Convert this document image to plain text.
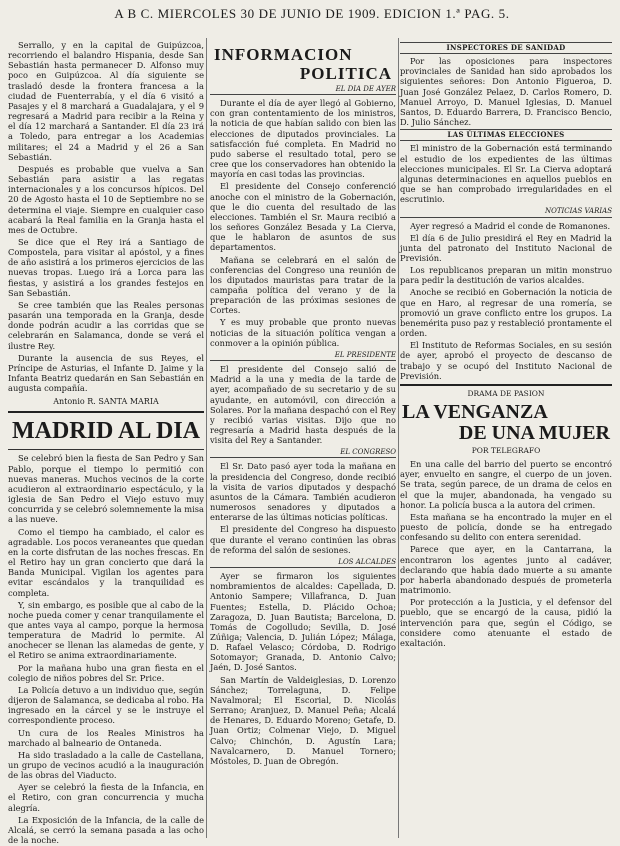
A B C. MIERCOLES 30 DE JUNIO DE 1909. EDICION 1.ª PAG. 5.

Serrallo, y en la capital de Guipúzcoa, recorriendo el balandro Hispania, desde San Sebastián hasta permanecer D. Alfonso muy poco en Guipúzcoa. Al día siguiente se trasladó desde la frontera francesa a la ciudad de Fuenterrabía, y el día 6 visitó a Pasajes y el 8 marchará a Guadalajara, y el 9 regresará a Madrid para recibir a la Reina y el día 12 marchará a Santander. El día 23 irá a Toledo, para entregar a los Academias militares; el 24 a Madrid y el 26 a San Sebastián.

Después es probable que vuelva a San Sebastián para asistir a las regatas internacionales y a los concursos hípicos. Del 20 de Agosto hasta el 10 de Septiembre no se determina el viaje. Siempre en cualquier caso acabará la Real familia en la Granja hasta el mes de Octubre.

Se dice que el Rey irá a Santiago de Compostela, para visitar al apóstol, y a fines de año asistirá a los primeros ejercicios de las nuevas tropas. Luego irá a Lorca para las fiestas, y asistirá a los grandes festejos en San Sebastián.

Se cree también que las Reales personas pasarán una temporada en la Granja, desde donde podrán acudir a las corridas que se celebrarán en Salamanca, donde se verá el ilustre Rey.

Durante la ausencia de sus Reyes, el Príncipe de Asturias, el Infante D. Jaime y la Infanta Beatriz quedarán en San Sebastián en augusta compañía.

Antonio R. SANTA MARIA
MADRID AL DIA

Se celebró bien la fiesta de San Pedro y San Pablo, porque el tiempo lo permitió con nuevas maneras. Muchos vecinos de la corte acudieron al extraordinario espectáculo, y la iglesia de San Pedro el Viejo estuvo muy concurrida y se celebró solemnemente la misa a las nueve.

Como el tiempo ha cambiado, el calor es agradable. Los pocos veraneantes que quedan en la corte disfrutan de las noches frescas. En el Retiro hay un gran concierto que dará la Banda Municipal. Vigilan los agentes para evitar escándalos y la tranquilidad es completa.

Y, sin embargo, es posible que al cabo de la noche pueda comer y cenar tranquilamente el que antes vaya al campo, porque la hermosa temperatura de Madrid lo permite. Al anochecer se llenan las alamedas de gente, y el Retiro se anima extraordinariamente.

Por la mañana hubo una gran fiesta en el colegio de niños pobres del Sr. Price.

La Policía detuvo a un individuo que, según dijeron de Salamanca, se dedicaba al robo. Ha ingresado en la cárcel y se le instruye el correspondiente proceso.

Un cura de los Reales Ministros ha marchado al balneario de Ontaneda.

Ha sido trasladado a la calle de Castellana, un grupo de vecinos acudió a la inauguración de las obras del Viaducto.

Ayer se celebró la fiesta de la Infancia, en el Retiro, con gran concurrencia y mucha alegría.

La Exposición de la Infancia, de la calle de Alcalá, se cerró la semana pasada a las ocho de la noche.

INFORMACION
POLITICA
EL DIA DE AYER

Durante el día de ayer llegó al Gobierno, con gran contentamiento de los ministros, la noticia de que habían salido con bien las elecciones de diputados provinciales. La satisfacción fué completa. En Madrid no pudo saberse el resultado total, pero se cree que los conservadores han obtenido la mayoría en casi todas las provincias.

El presidente del Consejo conferenció anoche con el ministro de la Gobernación, que le dio cuenta del resultado de las elecciones. También el Sr. Maura recibió a los señores González Besada y La Cierva, que le hablaron de asuntos de sus departamentos.

Mañana se celebrará en el salón de conferencias del Congreso una reunión de los diputados mauristas para tratar de la campaña política del verano y de la preparación de las próximas sesiones de Cortes.

Y es muy probable que pronto nuevas noticias de la situación política vengan a conmover a la opinión pública.

EL PRESIDENTE

El presidente del Consejo salió de Madrid a la una y media de la tarde de ayer, acompañado de su secretario y de su ayudante, en automóvil, con dirección a Solares. Por la mañana despachó con el Rey y recibió varias visitas. Dijo que no regresaría a Madrid hasta después de la visita del Rey a Santander.

EL CONGRESO

El Sr. Dato pasó ayer toda la mañana en la presidencia del Congreso, donde recibió la visita de varios diputados y despachó asuntos de la Cámara. También acudieron numerosos senadores y diputados a enterarse de las últimas noticias políticas.

El presidente del Congreso ha dispuesto que durante el verano continúen las obras de reforma del salón de sesiones.

LOS ALCALDES

Ayer se firmaron los siguientes nombramientos de alcaldes: Capellada, D. Antonio Sampere; Villafranca, D. Juan Fuentes; Estella, D. Plácido Ochoa; Zaragoza, D. Juan Bautista; Barcelona, D. Tomás de Cogolludo; Sevilla, D. José Zúñiga; Valencia, D. Julián López; Málaga, D. Rafael Velasco; Córdoba, D. Rodrigo Sotomayor; Granada, D. Antonio Calvo; Jaén, D. José Santos.

San Martín de Valdeiglesias, D. Lorenzo Sánchez; Torrelaguna, D. Felipe Navalmoral; El Escorial, D. Nicolás Serrano; Aranjuez, D. Manuel Peña; Alcalá de Henares, D. Eduardo Moreno; Getafe, D. Juan Ortiz; Colmenar Viejo, D. Miguel Calvo; Chinchón, D. Agustín Lara; Navalcarnero, D. Manuel Tornero; Móstoles, D. Juan de Obregón.

INSPECTORES DE SANIDAD

Por las oposiciones para inspectores provinciales de Sanidad han sido aprobados los siguientes señores: Don Antonio Figueroa, D. Juan José González Pelaez, D. Carlos Romero, D. Manuel Arroyo, D. Manuel Iglesias, D. Manuel Santos, D. Eduardo Barrera, D. Francisco Bencio, D. Julio Sánchez.

LAS ÚLTIMAS ELECCIONES

El ministro de la Gobernación está terminando el estudio de los expedientes de las últimas elecciones municipales. El Sr. La Cierva adoptará algunas determinaciones en aquellos pueblos en que se han comprobado irregularidades en el escrutinio.

NOTICIAS VARIAS

Ayer regresó a Madrid el conde de Romanones.

El día 6 de Julio presidirá el Rey en Madrid la junta del patronato del Instituto Nacional de Previsión.

Los republicanos preparan un mitin monstruo para pedir la destitución de varios alcaldes.

Anoche se recibió en Gobernación la noticia de que en Haro, al regresar de una romería, se promovió un grave conflicto entre los grupos. La benemérita puso paz y restableció prontamente el orden.

El Instituto de Reformas Sociales, en su sesión de ayer, aprobó el proyecto de descanso de trabajo y se ocupó del Instituto Nacional de Previsión.

DRAMA DE PASION
LA VENGANZA
DE UNA MUJER
POR TELEGRAFO

En una calle del barrio del puerto se encontró ayer, envuelto en sangre, el cuerpo de un joven. Se trata, según parece, de un drama de celos en el que la mujer, abandonada, ha vengado su honor. La policía busca a la autora del crimen.

Esta mañana se ha encontrado la mujer en el puesto de policía, donde se ha entregado confesando su delito con entera serenidad.

Parece que ayer, en la Cantarrana, la encontraron los agentes junto al cadáver, declarando que había dado muerte a su amante por haberla abandonado después de prometerla matrimonio.

Por protección a la Justicia, y el defensor del pueblo, que se encargó de la causa, pidió la intervención para que, según el Código, se considere como atenuante el estado de exaltación.
